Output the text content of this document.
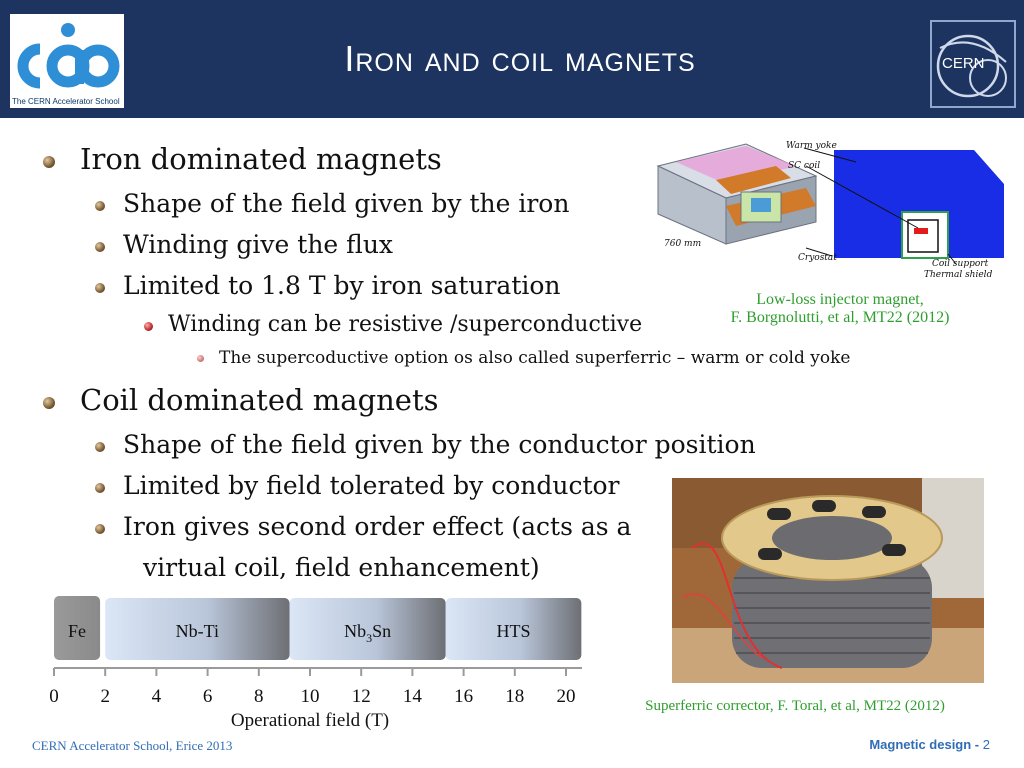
The CERN Accelerator School
Iron and coil magnets	CERN
Iron dominated magnets
Shape of the field given by the iron
Winding give the flux
Limited to 1.8 T by iron saturation
Winding can be resistive /superconductive
The supercoductive option os also called superferric – warm or cold yoke
Coil dominated magnets
Shape of the field given by the conductor position
Limited by field tolerated by conductor
Iron gives second order effect (acts as a
virtual coil, field enhancement)
760 mm
Warm yoke
SC coil
Cryostat
Coil support
Thermal shield
Low-loss injector magnet,
F. Borgnolutti, et al, MT22 (2012)
Superferric corrector, F. Toral, et al, MT22 (2012)
Fe	Nb-Ti	$Nb_3Sn$	HTS
0 2 4 6 8 10 12 14 16 18 20
Operational field (T)
CERN Accelerator School, Erice 2013	Magnetic design - 2
